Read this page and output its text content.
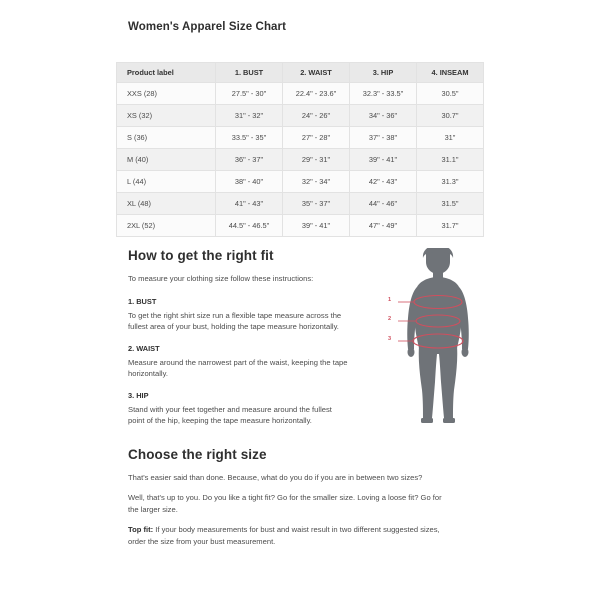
Women's Apparel Size Chart
Product label	1. BUST	2. WAIST	3. HIP	4. INSEAM
XXS (28)	27.5" - 30"	22.4" - 23.6"	32.3" - 33.5"	30.5"
XS (32)	31" - 32"	24" - 26"	34" - 36"	30.7"
S (36)	33.5" - 35"	27" - 28"	37" - 38"	31"
M (40)	36" - 37"	29" - 31"	39" - 41"	31.1"
L (44)	38" - 40"	32" - 34"	42" - 43"	31.3"
XL (48)	41" - 43"	35" - 37"	44" - 46"	31.5"
2XL (52)	44.5" - 46.5"	39" - 41"	47" - 49"	31.7"
How to get the right fit

To measure your clothing size follow these instructions:

1. BUST
To get the right shirt size run a flexible tape measure across the fullest area of your bust, holding the tape measure horizontally.
2. WAIST
Measure around the narrowest part of the waist, keeping the tape horizontally.
3. HIP
Stand with your feet together and measure around the fullest point of the hip, keeping the tape measure horizontally.
1
2
3
Choose the right size

That's easier said than done. Because, what do you do if you are in between two sizes?

Well, that's up to you. Do you like a tight fit? Go for the smaller size. Loving a loose fit? Go for the larger size.

Top fit: If your body measurements for bust and waist result in two different suggested sizes, order the size from your bust measurement.
